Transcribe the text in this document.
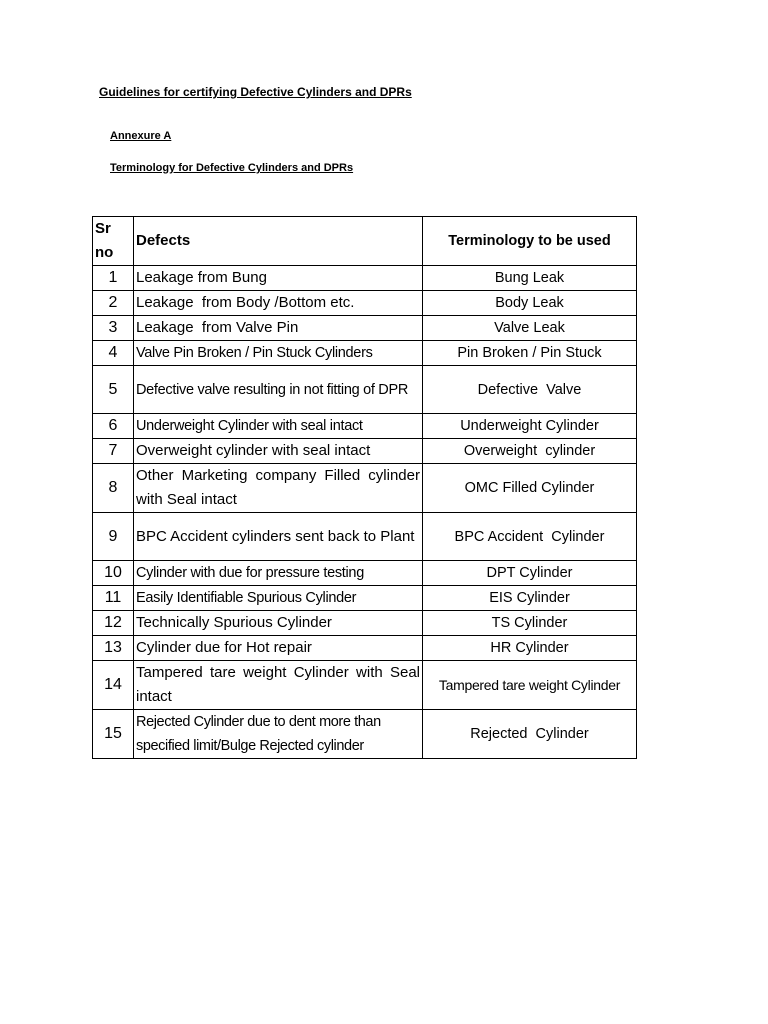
Guidelines for certifying Defective Cylinders and DPRs
Annexure A
Terminology for Defective Cylinders and DPRs
Sr no	Defects	Terminology to be used
1	Leakage from Bung	Bung Leak
2	Leakage  from Body /Bottom etc.	Body Leak
3	Leakage  from Valve Pin	Valve Leak
4	Valve Pin Broken / Pin Stuck Cylinders	Pin Broken / Pin Stuck
5	Defective valve resulting in not fitting of DPR	Defective  Valve
6	Underweight Cylinder with seal intact	Underweight Cylinder
7	Overweight cylinder with seal intact	Overweight  cylinder
8	Other Marketing company Filled cylinder with Seal intact	OMC Filled Cylinder
9	BPC Accident cylinders sent back to Plant	BPC Accident  Cylinder
10	Cylinder with due for pressure testing	DPT Cylinder
11	Easily Identifiable Spurious Cylinder	EIS Cylinder
12	Technically Spurious Cylinder	TS Cylinder
13	Cylinder due for Hot repair	HR Cylinder
14	Tampered tare weight Cylinder with Seal intact	Tampered tare weight Cylinder
15	Rejected Cylinder due to dent more than specified limit/Bulge Rejected cylinder	Rejected  Cylinder
